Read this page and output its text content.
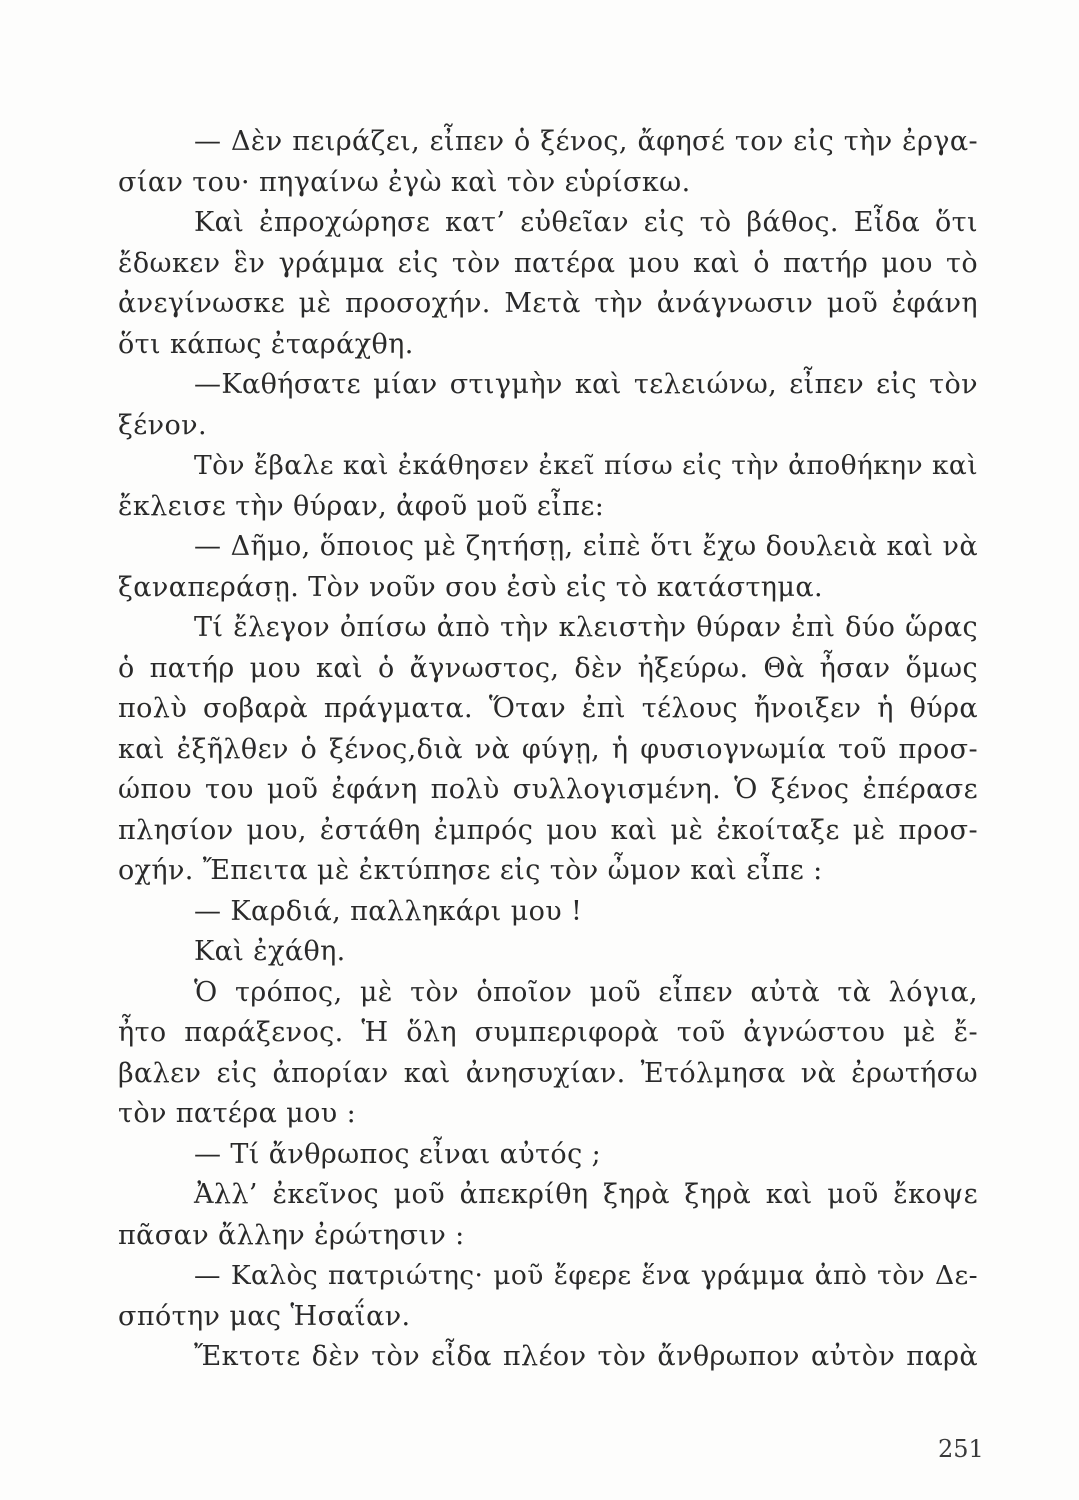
— Δὲν πειράζει, εἶπεν ὁ ξένος, ἄφησέ τον εἰς τὴν ἐργα-
σίαν του· πηγαίνω ἐγὼ καὶ τὸν εὑρίσκω.
Καὶ ἐπροχώρησε κατ’ εὐθεῖαν εἰς τὸ βάθος. Εἶδα ὅτι
ἔδωκεν ἓν γράμμα εἰς τὸν πατέρα μου καὶ ὁ πατήρ μου τὸ
ἀνεγίνωσκε μὲ προσοχήν. Μετὰ τὴν ἀνάγνωσιν μοῦ ἐφάνη
ὅτι κάπως ἐταράχθη.
—Καθήσατε μίαν στιγμὴν καὶ τελειώνω, εἶπεν εἰς τὸν
ξένον.
Τὸν ἔβαλε καὶ ἐκάθησεν ἐκεῖ πίσω εἰς τὴν ἀποθήκην καὶ
ἔκλεισε τὴν θύραν, ἀφοῦ μοῦ εἶπε:
— Δῆμο, ὅποιος μὲ ζητήσῃ, εἰπὲ ὅτι ἔχω δουλειὰ καὶ νὰ
ξαναπεράσῃ. Τὸν νοῦν σου ἐσὺ εἰς τὸ κατάστημα.
Τί ἔλεγον ὀπίσω ἀπὸ τὴν κλειστὴν θύραν ἐπὶ δύο ὥρας
ὁ πατήρ μου καὶ ὁ ἄγνωστος, δὲν ἠξεύρω. Θὰ ἦσαν ὅμως
πολὺ σοβαρὰ πράγματα. Ὅταν ἐπὶ τέλους ἤνοιξεν ἡ θύρα
καὶ ἐξῆλθεν ὁ ξένος,διὰ νὰ φύγῃ, ἡ φυσιογνωμία τοῦ προσ-
ώπου του μοῦ ἐφάνη πολὺ συλλογισμένη. Ὁ ξένος ἐπέρασε
πλησίον μου, ἐστάθη ἐμπρός μου καὶ μὲ ἐκοίταξε μὲ προσ-
οχήν. Ἔπειτα μὲ ἐκτύπησε εἰς τὸν ὦμον καὶ εἶπε :
— Καρδιά, παλληκάρι μου !
Καὶ ἐχάθη.
Ὁ τρόπος, μὲ τὸν ὁποῖον μοῦ εἶπεν αὐτὰ τὰ λόγια,
ἦτο παράξενος. Ἡ ὅλη συμπεριφορὰ τοῦ ἀγνώστου μὲ ἔ-
βαλεν εἰς ἀπορίαν καὶ ἀνησυχίαν. Ἐτόλμησα νὰ ἐρωτήσω
τὸν πατέρα μου :
— Τί ἄνθρωπος εἶναι αὐτός ;
Ἀλλ’ ἐκεῖνος μοῦ ἀπεκρίθη ξηρὰ ξηρὰ καὶ μοῦ ἔκοψε
πᾶσαν ἄλλην ἐρώτησιν :
— Καλὸς πατριώτης· μοῦ ἔφερε ἕνα γράμμα ἀπὸ τὸν Δε-
σπότην μας Ἡσαΐαν.
Ἔκτοτε δὲν τὸν εἶδα πλέον τὸν ἄνθρωπον αὐτὸν παρὰ
251
